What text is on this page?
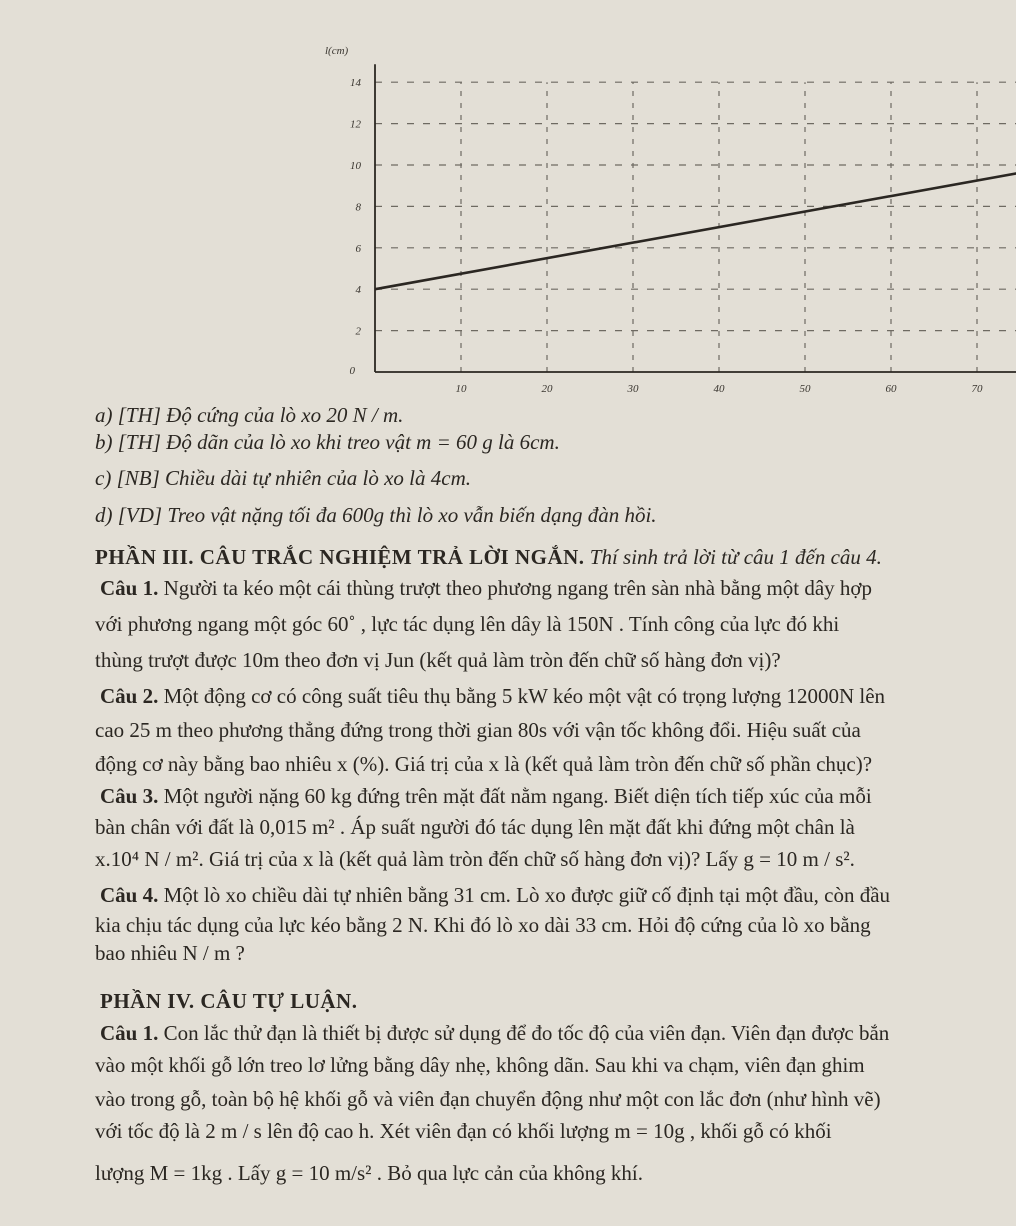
10	20	30	40	50	60	70
2
4
6
8
10
12
14
0
l(cm)
a) [TH] Độ cứng của lò xo 20 N / m.
b) [TH] Độ dãn của lò xo khi treo vật m = 60 g là 6cm.
c) [NB] Chiều dài tự nhiên của lò xo là 4cm.
d) [VD] Treo vật nặng tối đa 600g thì lò xo vẫn biến dạng đàn hồi.
PHẦN III. CÂU TRẮC NGHIỆM TRẢ LỜI NGẮN. Thí sinh trả lời từ câu 1 đến câu 4.
Câu 1. Người ta kéo một cái thùng trượt theo phương ngang trên sàn nhà bằng một dây hợp
với phương ngang một góc 60˚ , lực tác dụng lên dây là 150N . Tính công của lực đó khi
thùng trượt được 10m theo đơn vị Jun (kết quả làm tròn đến chữ số hàng đơn vị)?
Câu 2. Một động cơ có công suất tiêu thụ bằng 5 kW kéo một vật có trọng lượng 12000N lên
cao 25 m theo phương thẳng đứng trong thời gian 80s với vận tốc không đổi. Hiệu suất của
động cơ này bằng bao nhiêu x (%). Giá trị của x là (kết quả làm tròn đến chữ số phần chục)?
Câu 3. Một người nặng 60 kg đứng trên mặt đất nằm ngang. Biết diện tích tiếp xúc của mỗi
bàn chân với đất là 0,015 m² . Áp suất người đó tác dụng lên mặt đất khi đứng một chân là
x.10⁴ N / m². Giá trị của x là (kết quả làm tròn đến chữ số hàng đơn vị)? Lấy g = 10 m / s².
Câu 4. Một lò xo chiều dài tự nhiên bằng 31 cm. Lò xo được giữ cố định tại một đầu, còn đầu
kia chịu tác dụng của lực kéo bằng 2 N. Khi đó lò xo dài 33 cm. Hỏi độ cứng của lò xo bằng
bao nhiêu N / m ?
PHẦN IV. CÂU TỰ LUẬN.
Câu 1. Con lắc thử đạn là thiết bị được sử dụng để đo tốc độ của viên đạn. Viên đạn được bắn
vào một khối gỗ lớn treo lơ lửng bằng dây nhẹ, không dãn. Sau khi va chạm, viên đạn ghim
vào trong gỗ, toàn bộ hệ khối gỗ và viên đạn chuyển động như một con lắc đơn (như hình vẽ)
với tốc độ là 2 m / s lên độ cao h. Xét viên đạn có khối lượng m = 10g , khối gỗ có khối
lượng M = 1kg . Lấy g = 10 m/s² . Bỏ qua lực cản của không khí.
